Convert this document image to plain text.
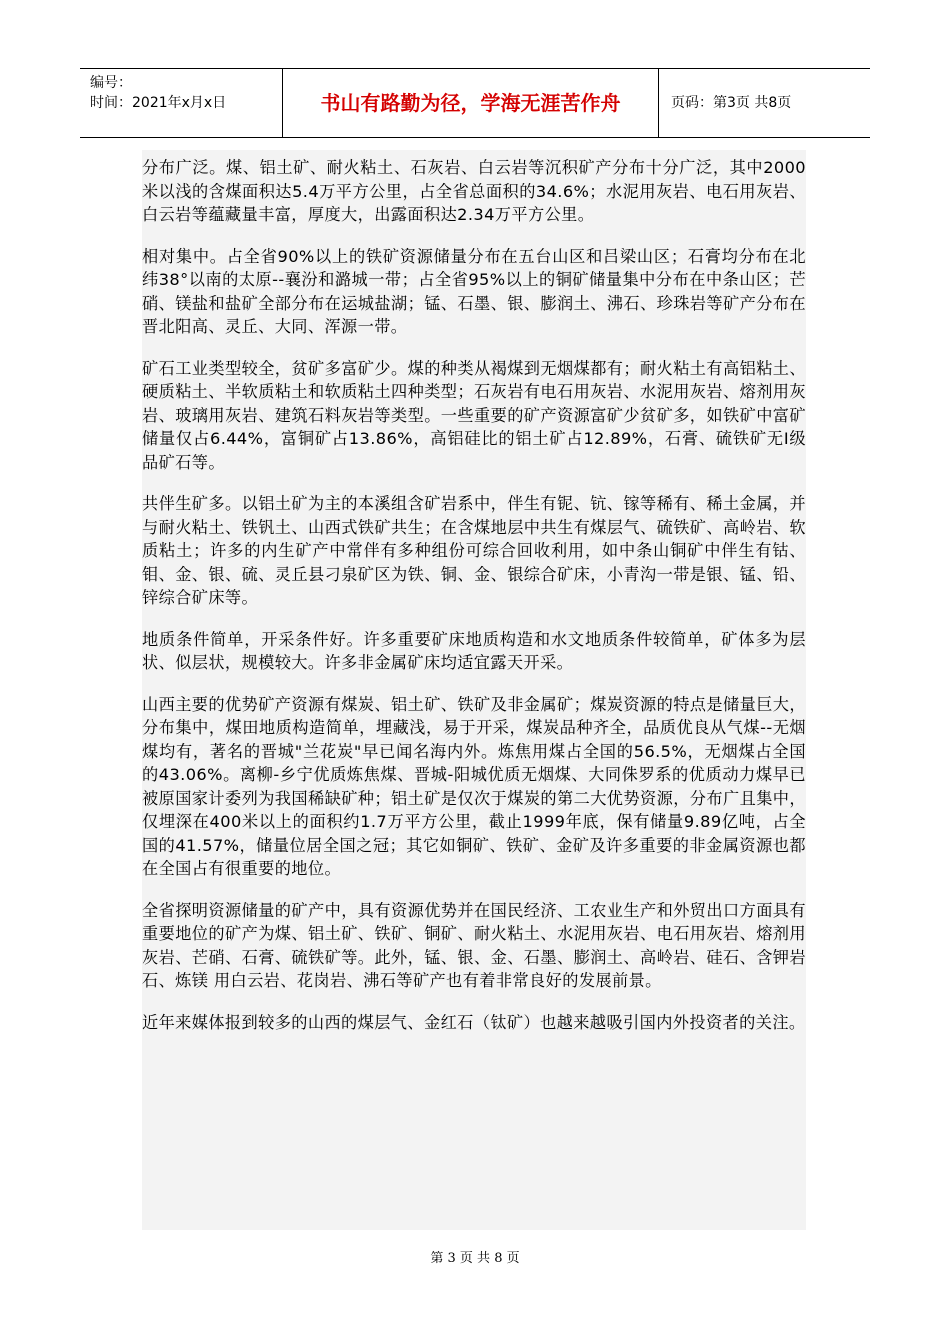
编号：
时间：2021年x月x日	书山有路勤为径，学海无涯苦作舟	页码：第3页 共8页

分布广泛。煤、铝土矿、耐火粘土、石灰岩、白云岩等沉积矿产分布十分广泛，其中2000米以浅的含煤面积达5.4万平方公里，占全省总面积的34.6%；水泥用灰岩、电石用灰岩、白云岩等蕴藏量丰富，厚度大，出露面积达2.34万平方公里。

相对集中。占全省90%以上的铁矿资源储量分布在五台山区和吕梁山区；石膏均分布在北纬38°以南的太原--襄汾和潞城一带；占全省95%以上的铜矿储量集中分布在中条山区；芒硝、镁盐和盐矿全部分布在运城盐湖；锰、石墨、银、膨润土、沸石、珍珠岩等矿产分布在晋北阳高、灵丘、大同、浑源一带。

矿石工业类型较全，贫矿多富矿少。煤的种类从褐煤到无烟煤都有；耐火粘土有高铝粘土、硬质粘土、半软质粘土和软质粘土四种类型；石灰岩有电石用灰岩、水泥用灰岩、熔剂用灰岩、玻璃用灰岩、建筑石料灰岩等类型。一些重要的矿产资源富矿少贫矿多，如铁矿中富矿储量仅占6.44%，富铜矿占13.86%，高铝硅比的铝土矿占12.89%，石膏、硫铁矿无Ⅰ级品矿石等。

共伴生矿多。以铝土矿为主的本溪组含矿岩系中，伴生有铌、钪、镓等稀有、稀土金属，并与耐火粘土、铁钒土、山西式铁矿共生；在含煤地层中共生有煤层气、硫铁矿、高岭岩、软质粘土；许多的内生矿产中常伴有多种组份可综合回收利用，如中条山铜矿中伴生有钴、钼、金、银、硫、灵丘县刁泉矿区为铁、铜、金、银综合矿床，小青沟一带是银、锰、铅、锌综合矿床等。

地质条件简单，开采条件好。许多重要矿床地质构造和水文地质条件较简单，矿体多为层状、似层状，规模较大。许多非金属矿床均适宜露天开采。

山西主要的优势矿产资源有煤炭、铝土矿、铁矿及非金属矿；煤炭资源的特点是储量巨大，分布集中，煤田地质构造简单，埋藏浅，易于开采，煤炭品种齐全，品质优良从气煤--无烟煤均有，著名的晋城"兰花炭"早已闻名海内外。炼焦用煤占全国的56.5%，无烟煤占全国的43.06%。离柳-乡宁优质炼焦煤、晋城-阳城优质无烟煤、大同侏罗系的优质动力煤早已被原国家计委列为我国稀缺矿种；铝土矿是仅次于煤炭的第二大优势资源，分布广且集中，仅埋深在400米以上的面积约1.7万平方公里，截止1999年底，保有储量9.89亿吨，占全国的41.57%，储量位居全国之冠；其它如铜矿、铁矿、金矿及许多重要的非金属资源也都在全国占有很重要的地位。

全省探明资源储量的矿产中，具有资源优势并在国民经济、工农业生产和外贸出口方面具有重要地位的矿产为煤、铝土矿、铁矿、铜矿、耐火粘土、水泥用灰岩、电石用灰岩、熔剂用灰岩、芒硝、石膏、硫铁矿等。此外，锰、银、金、石墨、膨润土、高岭岩、硅石、含钾岩石、炼镁 用白云岩、花岗岩、沸石等矿产也有着非常良好的发展前景。

近年来媒体报到较多的山西的煤层气、金红石（钛矿）也越来越吸引国内外投资者的关注。

第 3 页 共 8 页
